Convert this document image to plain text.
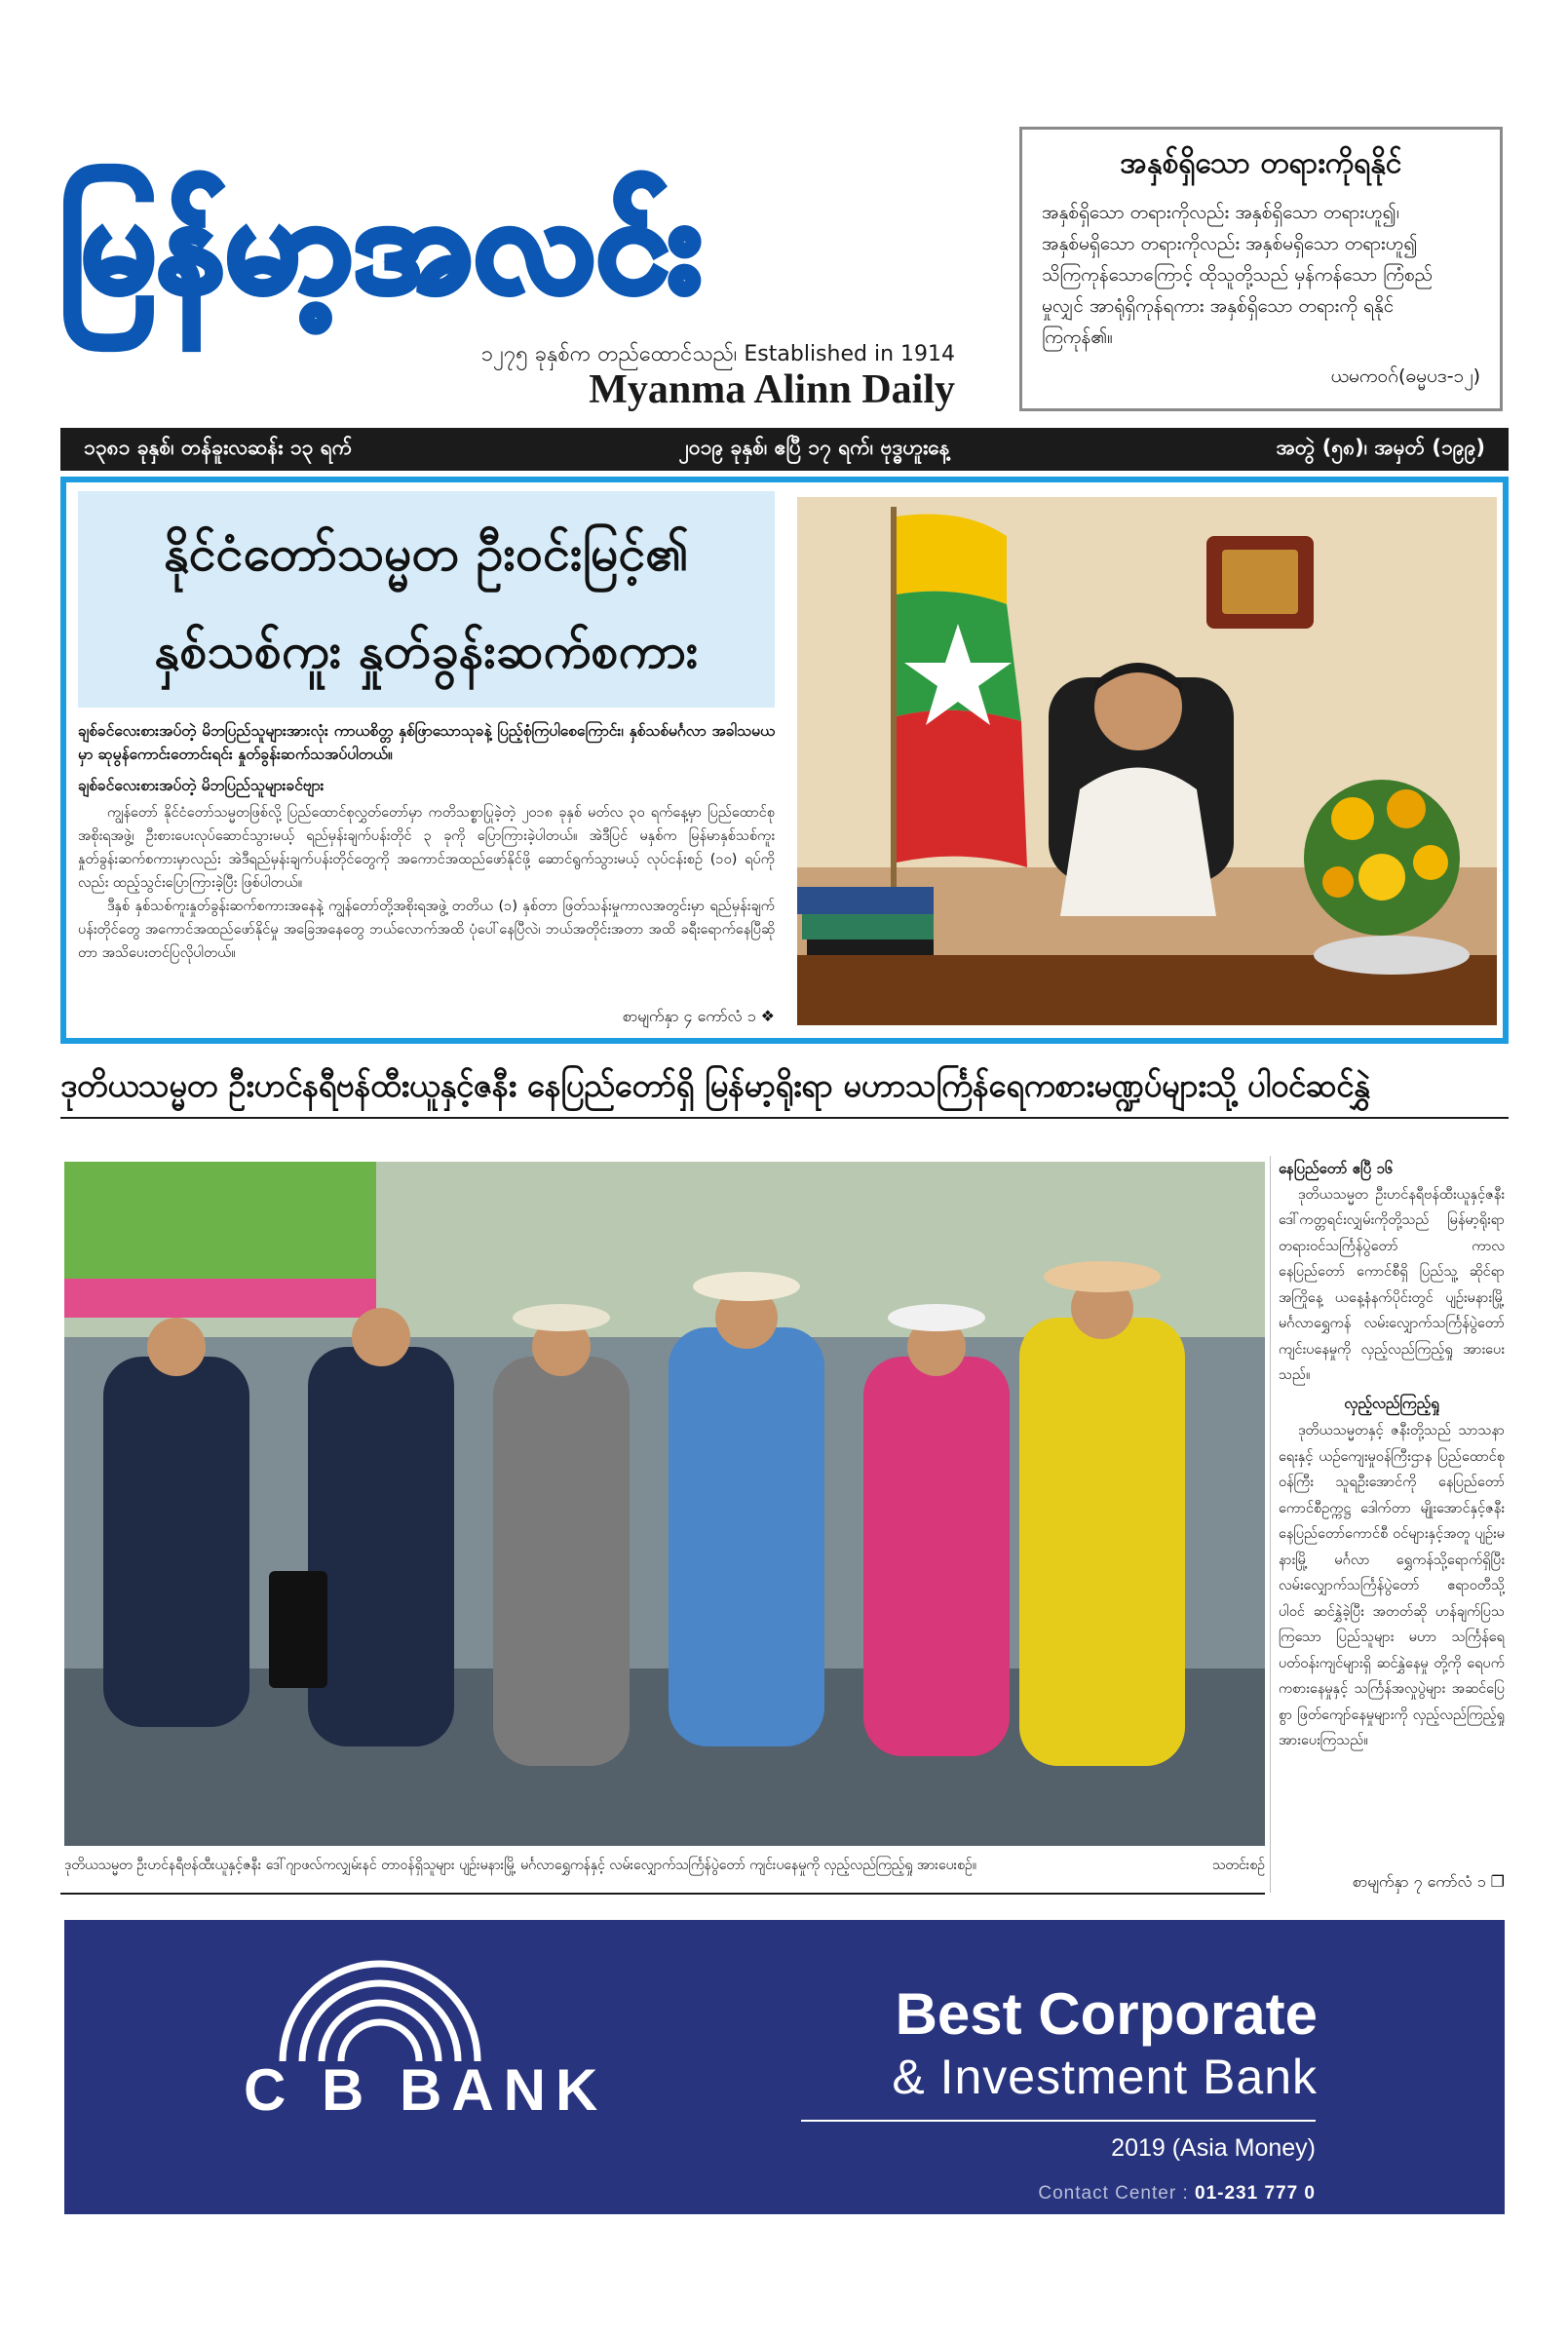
မြန်မာ့အလင်း
၁၂၇၅ ခုနှစ်က တည်ထောင်သည်၊ Established in 1914
Myanma Alinn Daily
အနှစ်ရှိသော တရားကိုရနိုင်
အနှစ်ရှိသော တရားကိုလည်း အနှစ်ရှိသော တရားဟူ၍၊
အနှစ်မရှိသော တရားကိုလည်း အနှစ်မရှိသော တရားဟူ၍
သိကြကုန်သောကြောင့် ထိုသူတို့သည် မှန်ကန်သော ကြံစည်
မှုလျှင် အာရုံရှိကုန်ရကား အနှစ်ရှိသော တရားကို ရနိုင်
ကြကုန်၏။
ယမကဝဂ်(ဓမ္မပဒ-၁၂)
၁၃၈၁ ခုနှစ်၊ တန်ခူးလဆန်း ၁၃ ရက်	၂၀၁၉ ခုနှစ်၊ ဧပြီ ၁၇ ရက်၊ ဗုဒ္ဓဟူးနေ့	အတွဲ (၅၈)၊ အမှတ် (၁၉၉)
နိုင်ငံတော်သမ္မတ ဦးဝင်းမြင့်၏
နှစ်သစ်ကူး နှုတ်ခွန်းဆက်စကား
ချစ်ခင်လေးစားအပ်တဲ့ မိဘပြည်သူများအားလုံး ကာယစိတ္တ နှစ်ဖြာသောသုခနဲ့ ပြည့်စုံကြပါစေကြောင်း၊ နှစ်သစ်မင်္ဂလာ အခါသမယမှာ ဆုမွန်ကောင်းတောင်းရင်း နှုတ်ခွန်းဆက်သအပ်ပါတယ်။
ချစ်ခင်လေးစားအပ်တဲ့ မိဘပြည်သူများခင်ဗျား

ကျွန်တော် နိုင်ငံတော်သမ္မတဖြစ်လို့ ပြည်ထောင်စုလွှတ်တော်မှာ ကတိသစ္စာပြုခဲ့တဲ့ ၂၀၁၈ ခုနှစ် မတ်လ ၃၀ ရက်နေ့မှာ ပြည်ထောင်စုအစိုးရအဖွဲ့၊ ဦးစားပေးလုပ်ဆောင်သွားမယ့် ရည်မှန်းချက်ပန်းတိုင် ၃ ခုကို ပြောကြားခဲ့ပါတယ်။ အဲဒီပြင် မနှစ်က မြန်မာနှစ်သစ်ကူး နှုတ်ခွန်းဆက်စကားမှာလည်း အဲဒီရည်မှန်းချက်ပန်းတိုင်တွေကို အကောင်အထည်ဖော်နိုင်ဖို့ ဆောင်ရွက်သွားမယ့် လုပ်ငန်းစဉ် (၁၀) ရပ်ကိုလည်း ထည့်သွင်းပြောကြားခဲ့ပြီး ဖြစ်ပါတယ်။

ဒီနှစ် နှစ်သစ်ကူးနှုတ်ခွန်းဆက်စကားအနေနဲ့ ကျွန်တော်တို့အစိုးရအဖွဲ့ တတိယ (၁) နှစ်တာ ဖြတ်သန်းမှုကာလအတွင်းမှာ ရည်မှန်းချက်ပန်းတိုင်တွေ အကောင်အထည်ဖော်နိုင်မှု အခြေအနေတွေ ဘယ်လောက်အထိ ပုံပေါ်နေပြီလဲ၊ ဘယ်အတိုင်းအတာ အထိ ခရီးရောက်နေပြီဆိုတာ အသိပေးတင်ပြလိုပါတယ်။

စာမျက်နှာ ၄ ကော်လံ ၁ ❖
ဒုတိယသမ္မတ ဦးဟင်နရီဗန်ထီးယူနှင့်ဇနီး နေပြည်တော်ရှိ မြန်မာ့ရိုးရာ မဟာသင်္ကြန်ရေကစားမဏ္ဍပ်များသို့ ပါဝင်ဆင်နွှဲ
နေပြည်တော် ဧပြီ ၁၆

ဒုတိယသမ္မတ ဦးဟင်နရီဗန်ထီးယူနှင့်ဇနီး ဒေါ်ကတ္တရင်းလျှမ်းကိုတို့သည် မြန်မာ့ရိုးရာ တရားဝင်သင်္ကြန်ပွဲတော် ကာလ နေပြည်တော် ကောင်စီရှိ ပြည်သူ့ ဆိုင်ရာ အကြိုနေ့ ယနေ့နံနက်ပိုင်းတွင် ပျဉ်းမနားမြို့ မင်္ဂလာရွှေကန် လမ်းလျှောက်သင်္ကြန်ပွဲတော် ကျင်းပနေမှုကို လှည့်လည်ကြည့်ရှု အားပေးသည်။

လှည့်လည်ကြည့်ရှု

ဒုတိယသမ္မတနှင့် ဇနီးတို့သည် သာသနာရေးနှင့် ယဉ်ကျေးမှုဝန်ကြီးဌာန ပြည်ထောင်စုဝန်ကြီး သူရဦးအောင်ကို နေပြည်တော်ကောင်စီဥက္ကဋ္ဌ ဒေါက်တာ မျိုးအောင်နှင့်ဇနီး နေပြည်တော်ကောင်စီ ဝင်များနှင့်အတူ ပျဉ်းမနားမြို့ မင်္ဂလာ ရွှေကန်သို့ရောက်ရှိပြီး လမ်းလျှောက်သင်္ကြန်ပွဲတော် ဧရာဝတီသို့ပါဝင် ဆင်နွှဲခဲ့ပြီး အတတ်ဆို ဟန်ချက်ပြသကြသော ပြည်သူများ မဟာ သင်္ကြန်ရေပတ်ဝန်းကျင်များရှိ ဆင်နွှဲနေမှု တို့ကို ရေပက်ကစားနေမှုနှင့် သင်္ကြန်အလှုပွဲများ အဆင်ပြေစွာ ဖြတ်ကျော်နေမှုများကို လှည့်လည်ကြည့်ရှု အားပေးကြသည်။

ဒုတိယသမ္မတ ဦးဟင်နရီဗန်ထီးယူနှင့်ဇနီး ဒေါ်ဂျာဖလ်ကလျှမ်းနင် တာဝန်ရှိသူများ ပျဉ်းမနားမြို့ မင်္ဂလာရွှေကန်နှင့် လမ်းလျှောက်သင်္ကြန်ပွဲတော် ကျင်းပနေမှုကို လှည့်လည်ကြည့်ရှု အားပေးစဉ်။	သတင်းစဉ်
စာမျက်နှာ ၇ ကော်လံ ၁ ❐
C B BANK
Best Corporate
& Investment Bank
2019 (Asia Money)
Contact Center : 01-231 777 0
